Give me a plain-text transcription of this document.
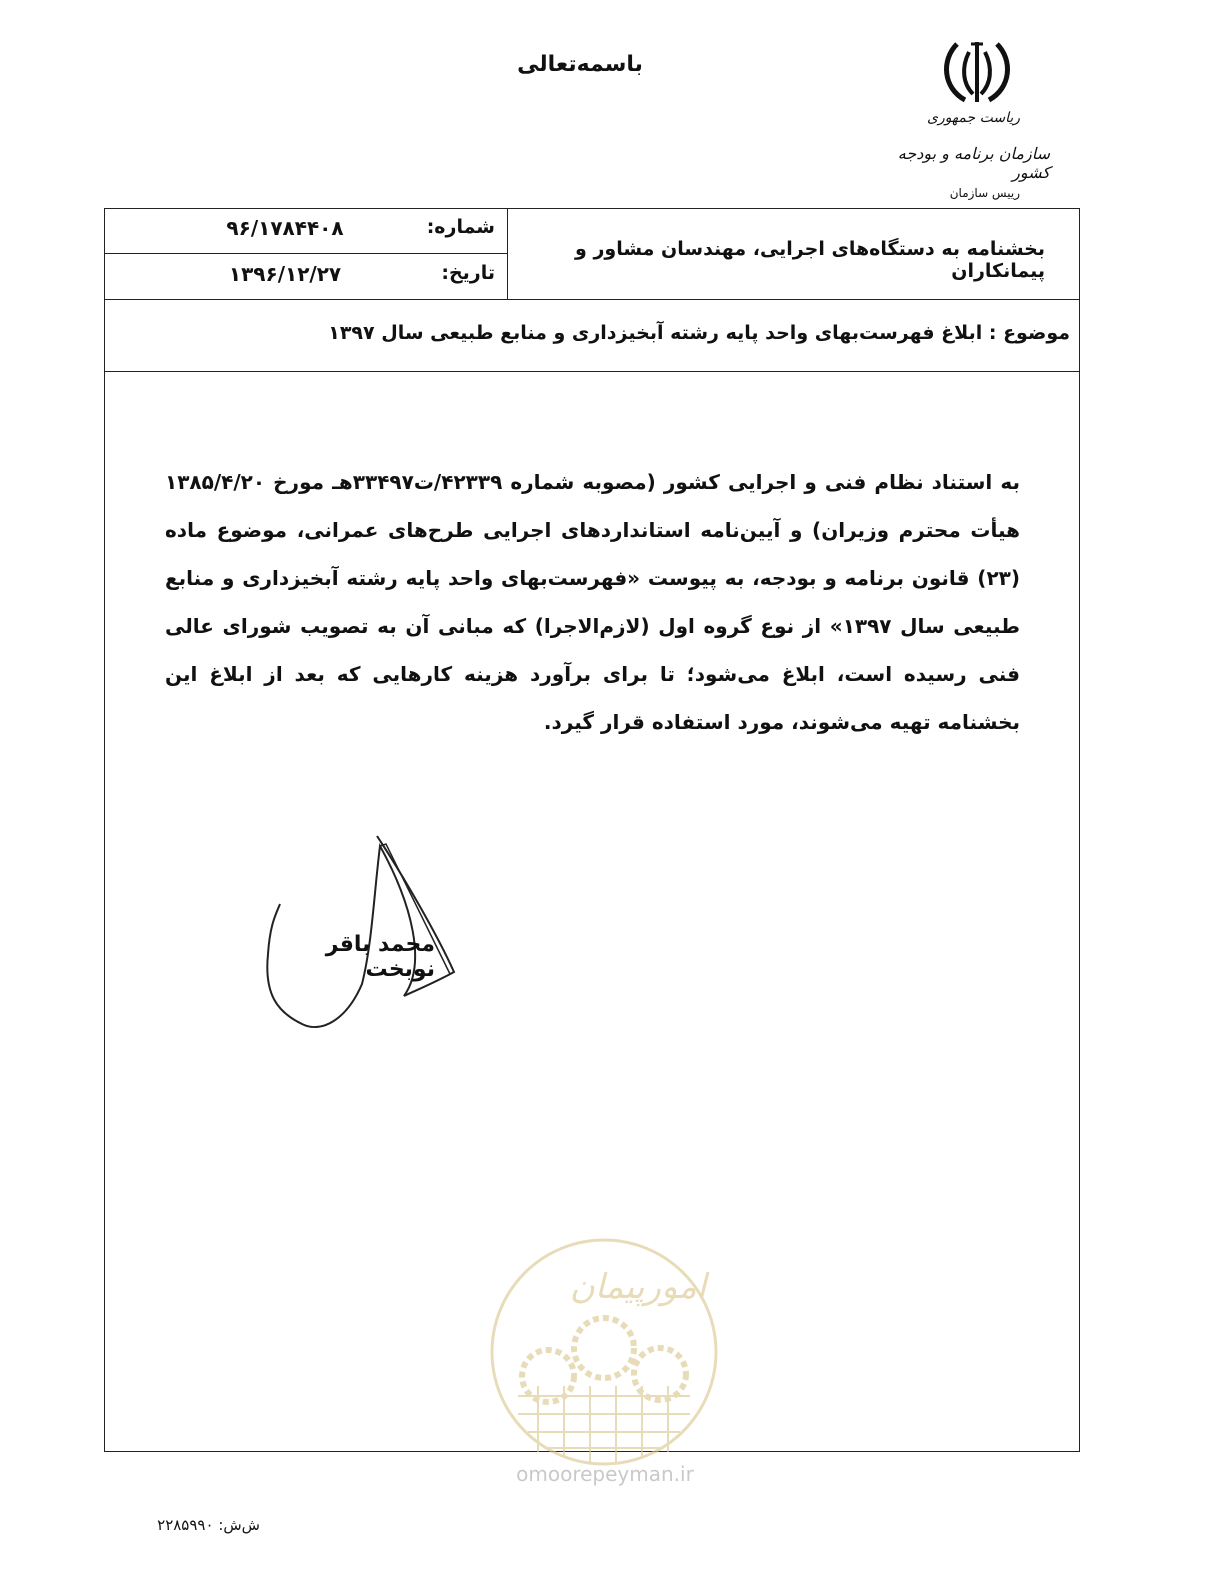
باسمه‌تعالی
ریاست جمهوری
سازمان برنامه و بودجه کشور
رییس سازمان
شماره:
۹۶/۱۷۸۴۴۰۸
تاریخ:
۱۳۹۶/۱۲/۲۷
بخشنامه به دستگاه‌های اجرایی، مهندسان مشاور و پیمانکاران
موضوع : ابلاغ فهرست‌بهای واحد پایه رشته آبخیزداری و منابع طبیعی سال ۱۳۹۷
به استناد نظام فنی و اجرایی کشور (مصوبه شماره ۴۲۳۳۹/ت۳۳۴۹۷هـ مورخ ۱۳۸۵/۴/۲۰ هیأت محترم وزیران) و آیین‌نامه استانداردهای اجرایی طرح‌های عمرانی، موضوع ماده (۲۳) قانون برنامه و بودجه، به پیوست «فهرست‌بهای واحد پایه رشته آبخیزداری و منابع طبیعی سال ۱۳۹۷» از نوع گروه اول (لازم‌الاجرا) که مبانی آن به تصویب شورای عالی فنی رسیده است، ابلاغ می‌شود؛ تا برای برآورد هزینه کارهایی که بعد از ابلاغ این بخشنامه تهیه می‌شوند، مورد استفاده قرار گیرد.
محمد باقر نوبخت
امورپیمان
omoorepeyman.ir
ش‌ش: ۲۲۸۵۹۹۰
